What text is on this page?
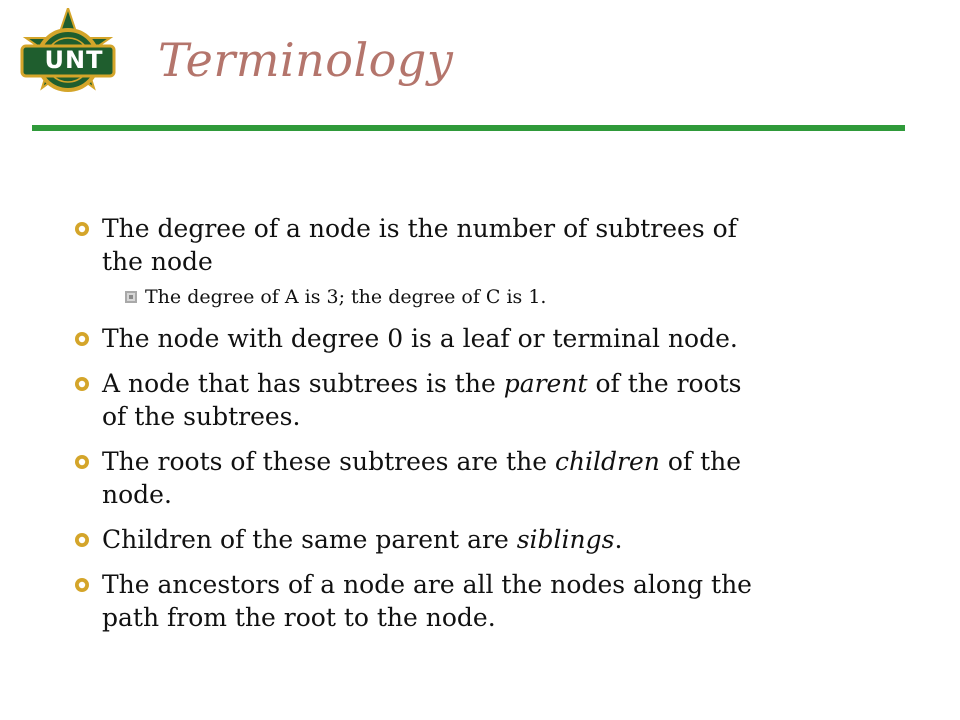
UNT	Terminology
The degree of a node is the number of subtrees of the node
The degree of A is 3; the degree of C is 1.
The node with degree 0 is a leaf or terminal node.
A node that has subtrees is the parent of the roots of the subtrees.
The roots of these subtrees are the children of the node.
Children of the same parent are siblings.
The ancestors of a node are all the nodes along the path from the root to the node.
